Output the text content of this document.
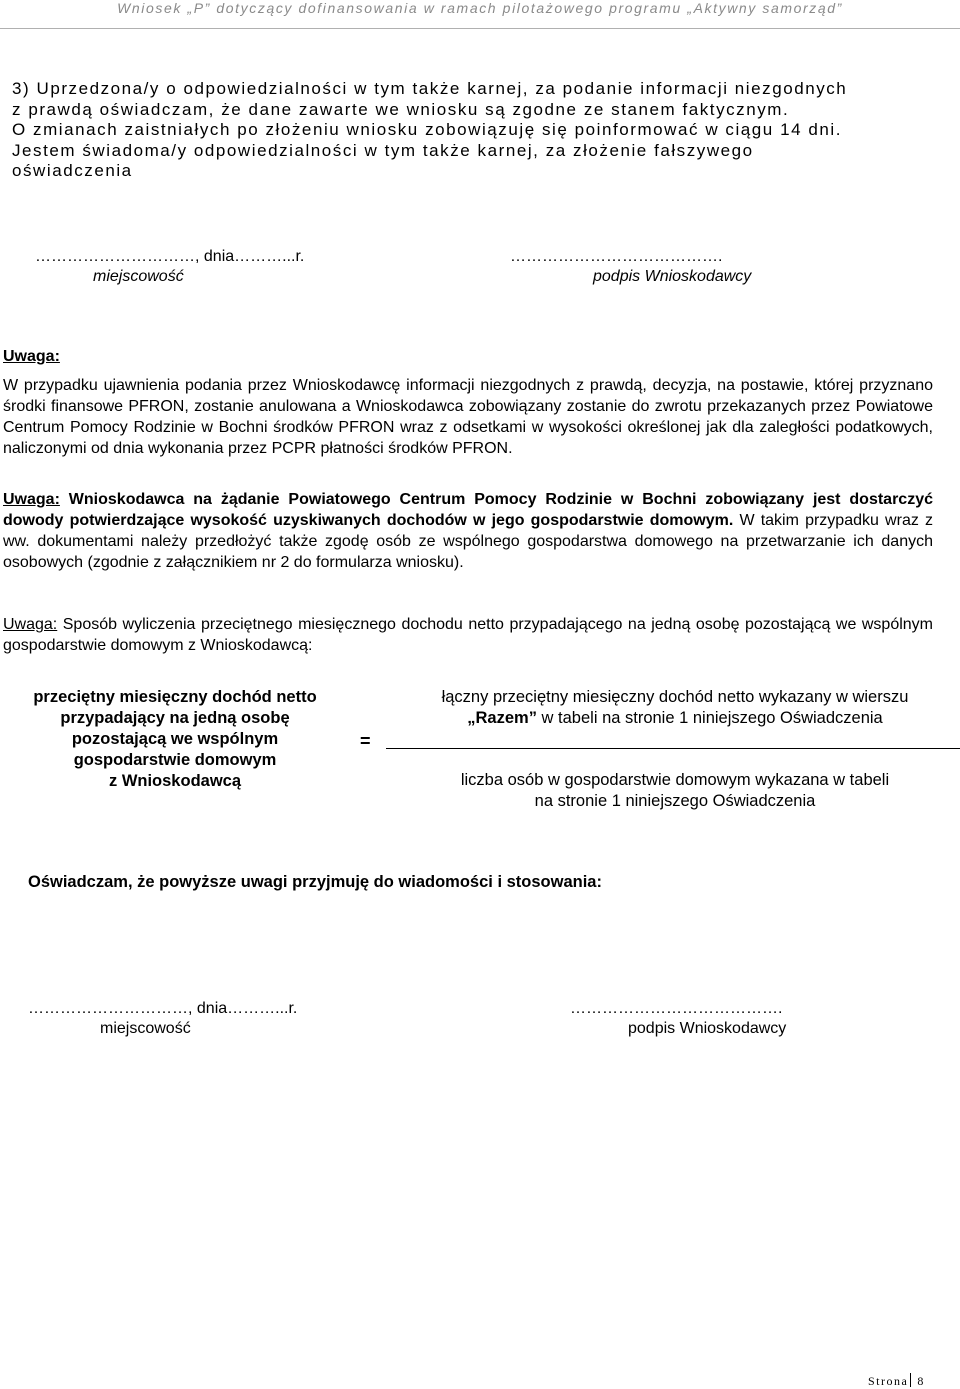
Wniosek „P” dotyczący dofinansowania w ramach pilotażowego programu „Aktywny samorząd”
3) Uprzedzona/y o odpowiedzialności w tym także karnej, za podanie informacji niezgodnych
z prawdą oświadczam, że dane zawarte we wniosku są zgodne ze stanem faktycznym.
O zmianach zaistniałych po złożeniu wniosku zobowiązuję się poinformować w ciągu 14 dni.
Jestem świadoma/y odpowiedzialności w tym także karnej, za złożenie fałszywego
oświadczenia
…………………………, dnia………...r.	………………………………….
miejscowość	podpis Wnioskodawcy
Uwaga:
W przypadku ujawnienia podania przez Wnioskodawcę informacji niezgodnych z prawdą, decyzja, na postawie, której przyznano środki finansowe PFRON, zostanie anulowana a Wnioskodawca zobowiązany zostanie do zwrotu przekazanych przez Powiatowe Centrum Pomocy Rodzinie w Bochni środków PFRON wraz z odsetkami w wysokości określonej jak dla zaległości podatkowych, naliczonymi od dnia wykonania przez PCPR płatności środków PFRON.
Uwaga: Wnioskodawca na żądanie Powiatowego Centrum Pomocy Rodzinie w Bochni zobowiązany jest dostarczyć dowody potwierdzające wysokość uzyskiwanych dochodów w jego gospodarstwie domowym. W takim przypadku wraz z ww. dokumentami należy przedłożyć także zgodę osób ze wspólnego gospodarstwa domowego na przetwarzanie ich danych osobowych (zgodnie z załącznikiem nr 2 do formularza wniosku).
Uwaga: Sposób wyliczenia przeciętnego miesięcznego dochodu netto przypadającego na jedną osobę pozostającą we wspólnym gospodarstwie domowym z Wnioskodawcą:
przeciętny miesięczny dochód netto
przypadający na jedną osobę
pozostającą we wspólnym
gospodarstwie domowym
z Wnioskodawcą
=
łączny przeciętny miesięczny dochód netto wykazany w wierszu
„Razem” w tabeli na stronie 1 niniejszego Oświadczenia
liczba osób w gospodarstwie domowym wykazana w tabeli
na stronie 1 niniejszego Oświadczenia
Oświadczam, że powyższe uwagi przyjmuję do wiadomości i stosowania:
…………………………, dnia………...r.	………………………………….
miejscowość	podpis Wnioskodawcy
Strona 8
